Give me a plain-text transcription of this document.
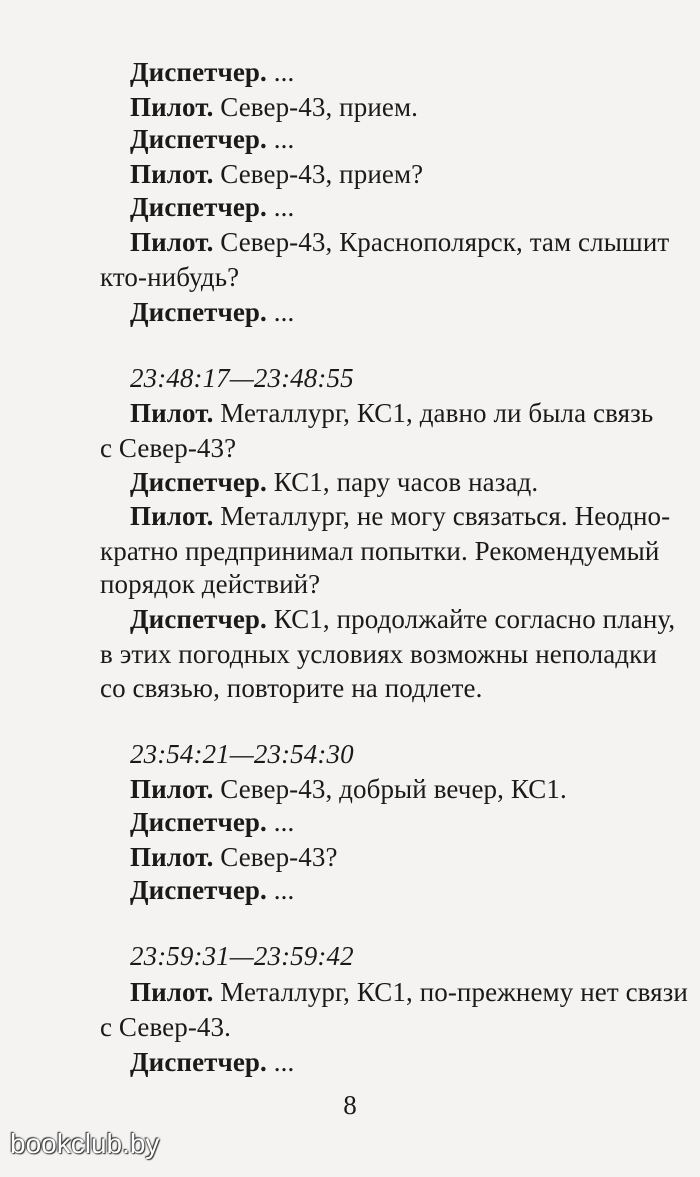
Диспетчер. ...
Пилот. Север-43, прием.
Диспетчер. ...
Пилот. Север-43, прием?
Диспетчер. ...
Пилот. Север-43, Краснополярск, там слышит
кто-нибудь?
Диспетчер. ...
23:48:17—23:48:55
Пилот. Металлург, КС1, давно ли была связь
с Север-43?
Диспетчер. КС1, пару часов назад.
Пилот. Металлург, не могу связаться. Неодно-
кратно предпринимал попытки. Рекомендуемый
порядок действий?
Диспетчер. КС1, продолжайте согласно плану,
в этих погодных условиях возможны неполадки
со связью, повторите на подлете.
23:54:21—23:54:30
Пилот. Север-43, добрый вечер, КС1.
Диспетчер. ...
Пилот. Север-43?
Диспетчер. ...
23:59:31—23:59:42
Пилот. Металлург, КС1, по-прежнему нет связи
с Север-43.
Диспетчер. ...
8
bookclub.by
